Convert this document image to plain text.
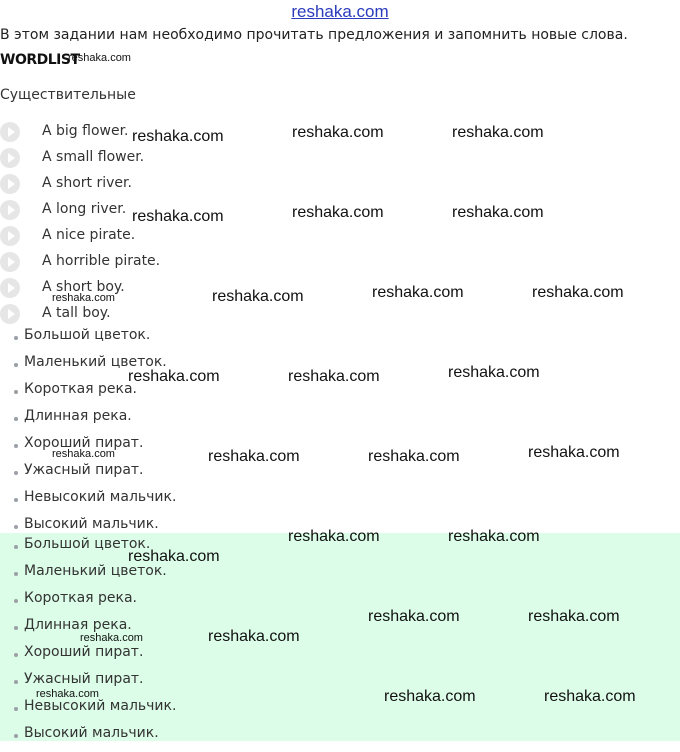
reshaka.com
В этом задании нам необходимо прочитать предложения и запомнить новые слова.
WORDLIST
Существительные
A big flower.
A small flower.
A short river.
A long river.
A nice pirate.
A horrible pirate.
A short boy.
A tall boy.
Большой цветок.
Маленький цветок.
Короткая река.
Длинная река.
Хороший пират.
Ужасный пират.
Невысокий мальчик.
Высокий мальчик.
Большой цветок.
Маленький цветок.
Короткая река.
Длинная река.
Хороший пират.
Ужасный пират.
Невысокий мальчик.
Высокий мальчик.
reshaka.com
reshaka.com	reshaka.com	reshaka.com
reshaka.com	reshaka.com	reshaka.com
reshaka.com	reshaka.com	reshaka.com	reshaka.com
reshaka.com	reshaka.com	reshaka.com
reshaka.com	reshaka.com	reshaka.com	reshaka.com
reshaka.com	reshaka.com
reshaka.com
reshaka.com	reshaka.com
reshaka.com	reshaka.com
reshaka.com	reshaka.com	reshaka.com
